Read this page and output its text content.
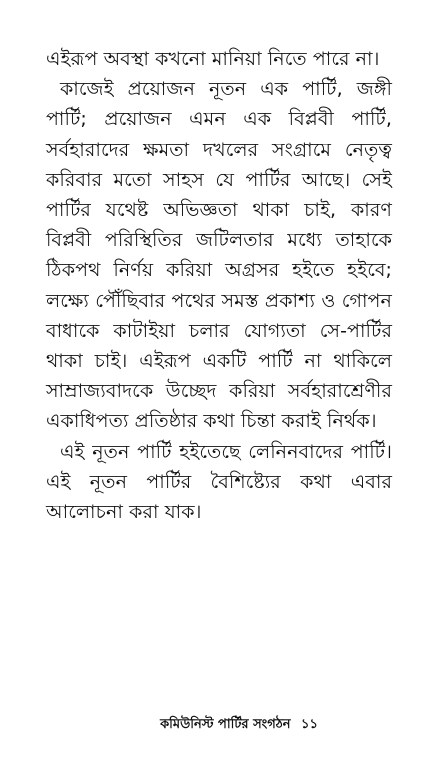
এইরূপ অবস্থা কখনো মানিয়া নিতে পারে না।

কাজেই প্রয়োজন নূতন এক পার্টি, জঙ্গী পার্টি; প্রয়োজন এমন এক বিপ্লবী পার্টি, সর্বহারাদের ক্ষমতা দখলের সংগ্রামে নেতৃত্ব করিবার মতো সাহস যে পার্টির আছে। সেই পার্টির যথেষ্ট অভিজ্ঞতা থাকা চাই, কারণ বিপ্লবী পরিস্থিতির জটিলতার মধ্যে তাহাকে ঠিকপথ নির্ণয় করিয়া অগ্রসর হইতে হইবে; লক্ষ্যে পৌঁছিবার পথের সমস্ত প্রকাশ্য ও গোপন বাধাকে কাটাইয়া চলার যোগ্যতা সে-পার্টির থাকা চাই। এইরূপ একটি পার্টি না থাকিলে সাম্রাজ্যবাদকে উচ্ছেদ করিয়া সর্বহারাশ্রেণীর একাধিপত্য প্রতিষ্ঠার কথা চিন্তা করাই নির্থক।

এই নূতন পার্টি হইতেছে লেনিনবাদের পার্টি। এই নূতন পার্টির বৈশিষ্ট্যের কথা এবার আলোচনা করা যাক।

কমিউনিস্ট পার্টির সংগঠন ১১
